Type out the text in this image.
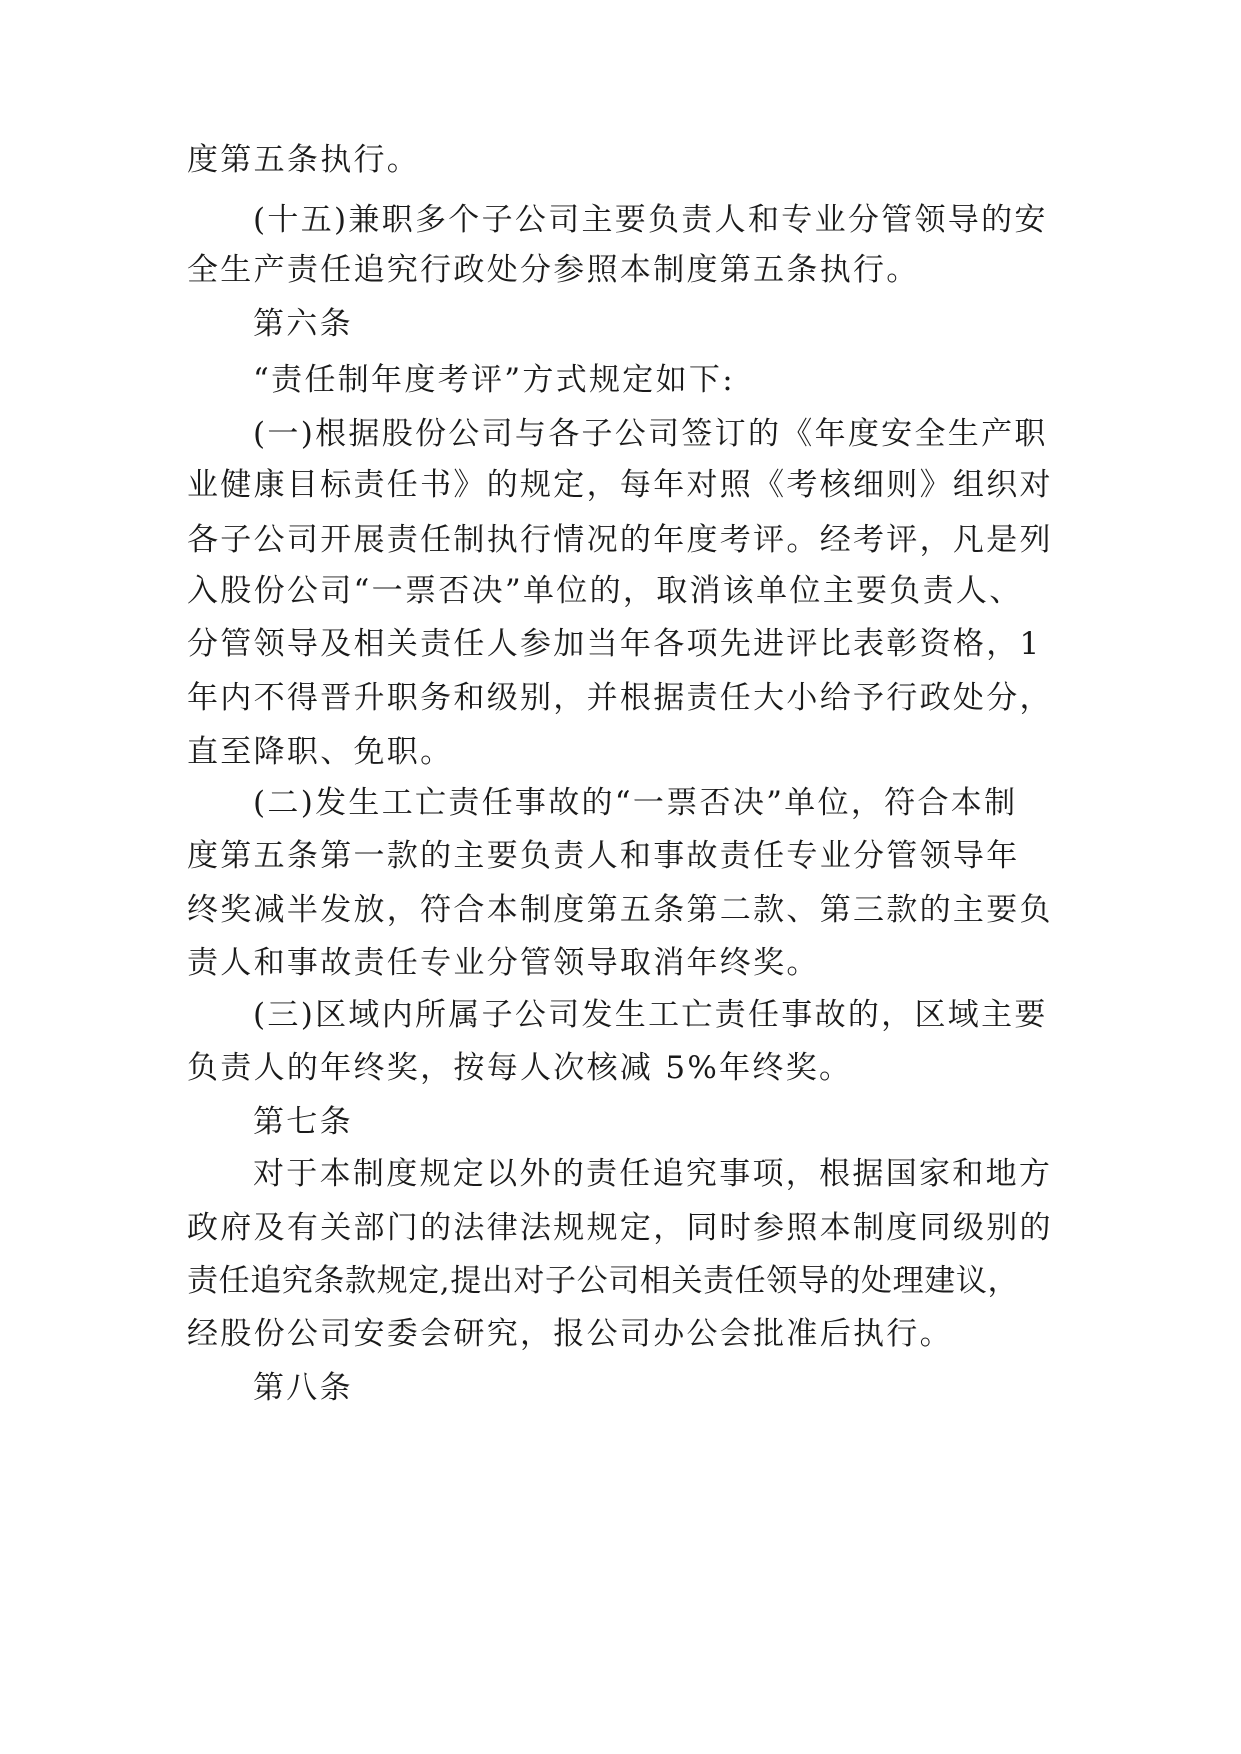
度第五条执行。

(十五)兼职多个子公司主要负责人和专业分管领导的安

全生产责任追究行政处分参照本制度第五条执行。

第六条

“责任制年度考评”方式规定如下:

(一)根据股份公司与各子公司签订的《年度安全生产职

业健康目标责任书》的规定，每年对照《考核细则》组织对

各子公司开展责任制执行情况的年度考评。经考评，凡是列

入股份公司“一票否决”单位的，取消该单位主要负责人、

分管领导及相关责任人参加当年各项先进评比表彰资格，1

年内不得晋升职务和级别，并根据责任大小给予行政处分，

直至降职、免职。

(二)发生工亡责任事故的“一票否决”单位，符合本制

度第五条第一款的主要负责人和事故责任专业分管领导年

终奖减半发放，符合本制度第五条第二款、第三款的主要负

责人和事故责任专业分管领导取消年终奖。

(三)区域内所属子公司发生工亡责任事故的，区域主要

负责人的年终奖，按每人次核减 5%年终奖。

第七条

对于本制度规定以外的责任追究事项，根据国家和地方

政府及有关部门的法律法规规定，同时参照本制度同级别的

责任追究条款规定,提出对子公司相关责任领导的处理建议，

经股份公司安委会研究，报公司办公会批准后执行。

第八条
